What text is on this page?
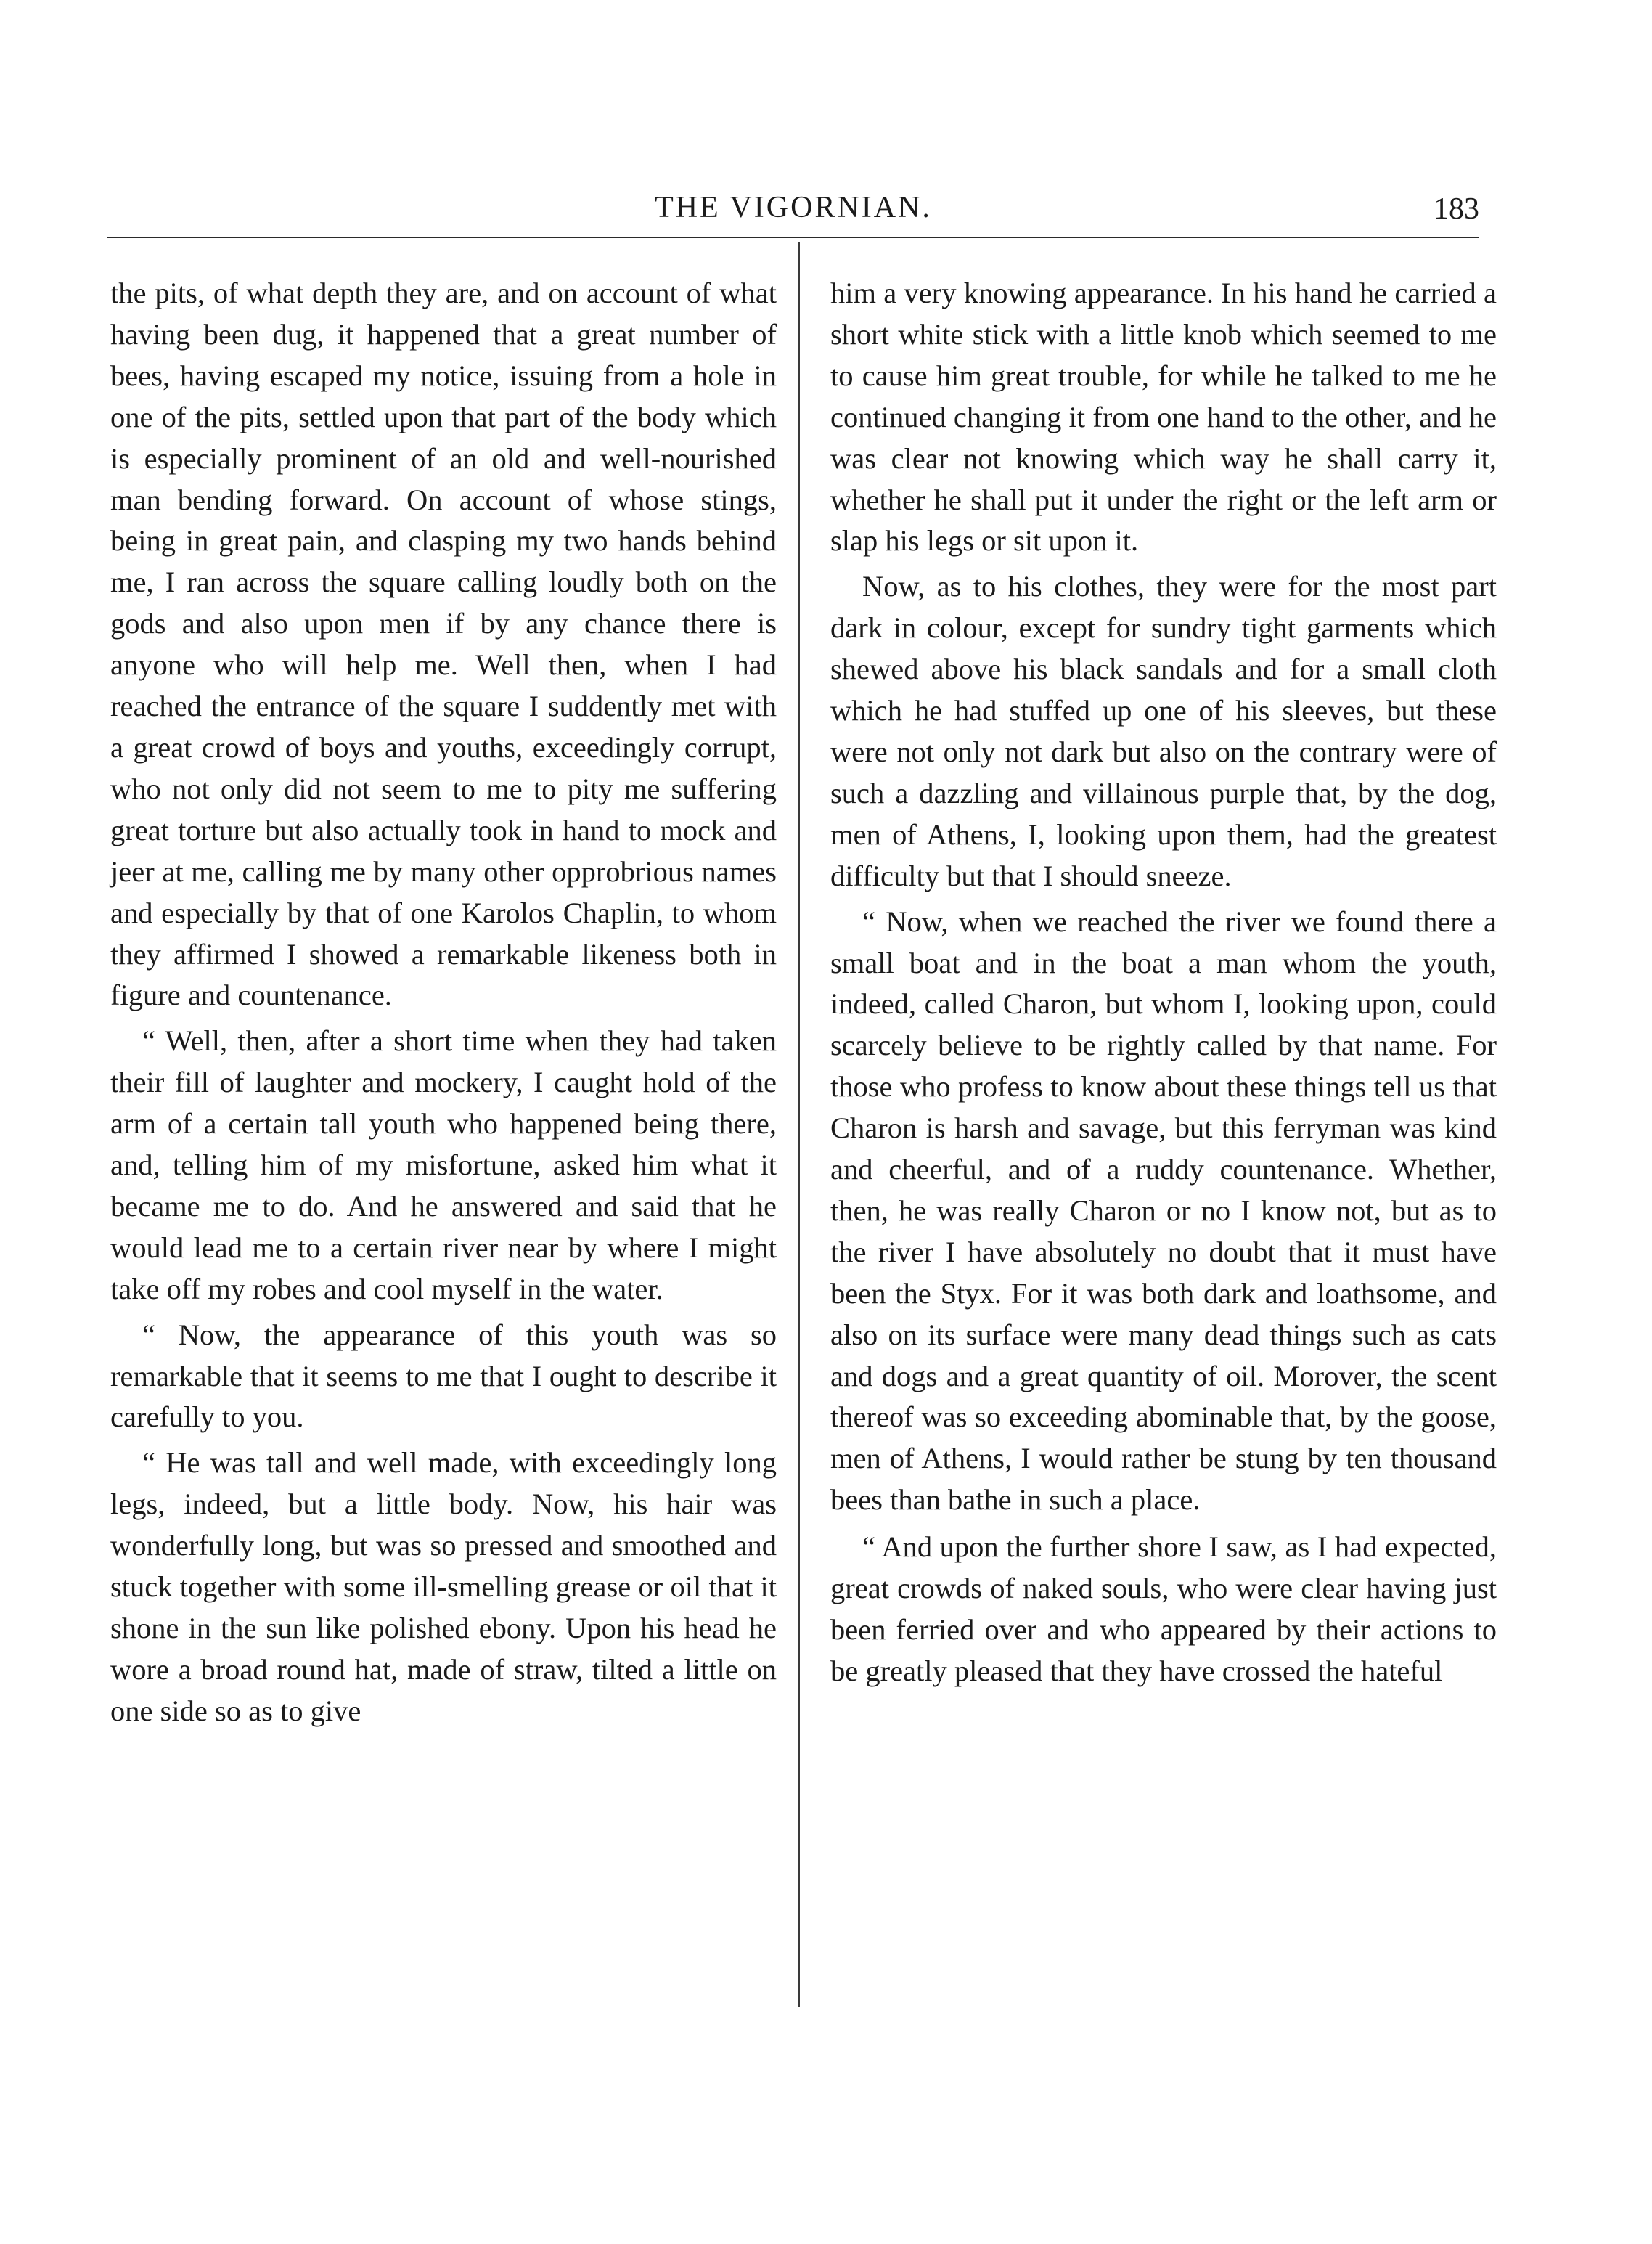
THE VIGORNIAN.	183

the pits, of what depth they are, and on account of what having been dug, it happened that a great number of bees, having escaped my notice, issuing from a hole in one of the pits, settled upon that part of the body which is especially prominent of an old and well-nourished man bending forward. On account of whose stings, being in great pain, and clasping my two hands behind me, I ran across the square calling loudly both on the gods and also upon men if by any chance there is anyone who will help me. Well then, when I had reached the entrance of the square I suddently met with a great crowd of boys and youths, exceedingly corrupt, who not only did not seem to me to pity me suffering great torture but also actually took in hand to mock and jeer at me, calling me by many other opprobrious names and especially by that of one Karolos Chaplin, to whom they affirmed I showed a remarkable likeness both in figure and countenance.

“ Well, then, after a short time when they had taken their fill of laughter and mockery, I caught hold of the arm of a certain tall youth who happened being there, and, telling him of my misfortune, asked him what it became me to do. And he answered and said that he would lead me to a certain river near by where I might take off my robes and cool myself in the water.

“ Now, the appearance of this youth was so remarkable that it seems to me that I ought to describe it carefully to you.

“ He was tall and well made, with exceedingly long legs, indeed, but a little body. Now, his hair was wonderfully long, but was so pressed and smoothed and stuck together with some ill-smelling grease or oil that it shone in the sun like polished ebony. Upon his head he wore a broad round hat, made of straw, tilted a little on one side so as to give

him a very knowing appearance. In his hand he carried a short white stick with a little knob which seemed to me to cause him great trouble, for while he talked to me he continued changing it from one hand to the other, and he was clear not knowing which way he shall carry it, whether he shall put it under the right or the left arm or slap his legs or sit upon it.

Now, as to his clothes, they were for the most part dark in colour, except for sundry tight garments which shewed above his black sandals and for a small cloth which he had stuffed up one of his sleeves, but these were not only not dark but also on the contrary were of such a dazzling and villainous purple that, by the dog, men of Athens, I, looking upon them, had the greatest difficulty but that I should sneeze.

“ Now, when we reached the river we found there a small boat and in the boat a man whom the youth, indeed, called Charon, but whom I, looking upon, could scarcely believe to be rightly called by that name. For those who profess to know about these things tell us that Charon is harsh and savage, but this ferryman was kind and cheerful, and of a ruddy countenance. Whether, then, he was really Charon or no I know not, but as to the river I have absolutely no doubt that it must have been the Styx. For it was both dark and loathsome, and also on its surface were many dead things such as cats and dogs and a great quantity of oil. Morover, the scent thereof was so exceeding abominable that, by the goose, men of Athens, I would rather be stung by ten thousand bees than bathe in such a place.

“ And upon the further shore I saw, as I had expected, great crowds of naked souls, who were clear having just been ferried over and who appeared by their actions to be greatly pleased that they have crossed the hateful
